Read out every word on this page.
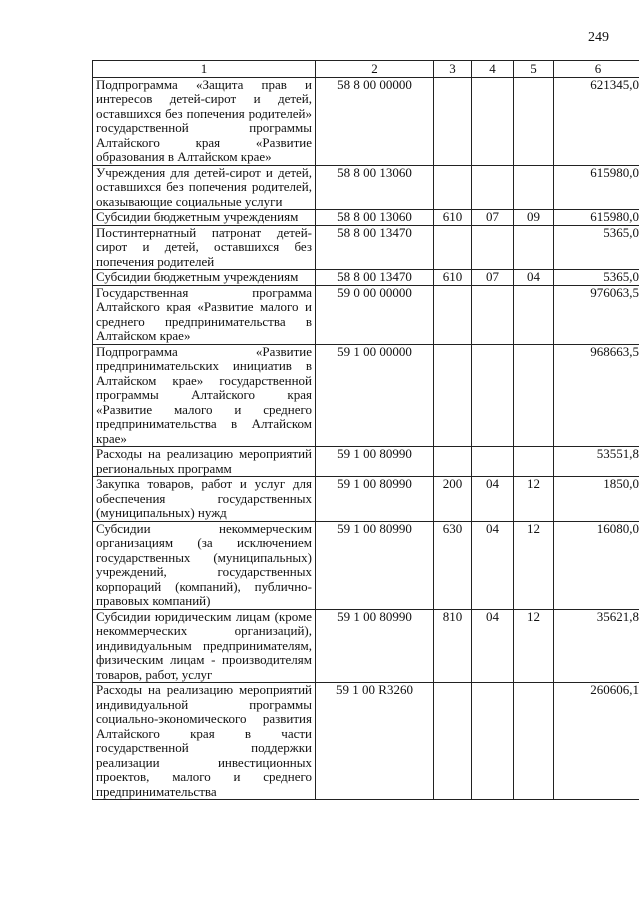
249
1	2	3	4	5	6
Подпрограмма «Защита прав и интересов детей-сирот и детей, оставшихся без попечения родителей» государственной программы Алтайского края «Развитие образования в Алтайском крае»	58 8 00 00000				621345,0
Учреждения для детей-сирот и детей, оставшихся без попечения родителей, оказывающие социальные услуги	58 8 00 13060				615980,0
Субсидии бюджетным учреждениям	58 8 00 13060	610	07	09	615980,0
Постинтернатный патронат детей-сирот и детей, оставшихся без попечения родителей	58 8 00 13470				5365,0
Субсидии бюджетным учреждениям	58 8 00 13470	610	07	04	5365,0
Государственная программа Алтайского края «Развитие малого и среднего предпринимательства в Алтайском крае»	59 0 00 00000				976063,5
Подпрограмма «Развитие предпринимательских инициатив в Алтайском крае» государственной программы Алтайского края «Развитие малого и среднего предпринимательства в Алтайском крае»	59 1 00 00000				968663,5
Расходы на реализацию мероприятий региональных программ	59 1 00 80990				53551,8
Закупка товаров, работ и услуг для обеспечения государственных (муниципальных) нужд	59 1 00 80990	200	04	12	1850,0
Субсидии некоммерческим организациям (за исключением государственных (муниципальных) учреждений, государственных корпораций (компаний), публично-правовых компаний)	59 1 00 80990	630	04	12	16080,0
Субсидии юридическим лицам (кроме некоммерческих организаций), индивидуальным предпринимателям, физическим лицам - производителям товаров, работ, услуг	59 1 00 80990	810	04	12	35621,8
Расходы на реализацию мероприятий индивидуальной программы социально-экономического развития Алтайского края в части государственной поддержки реализации инвестиционных проектов, малого и среднего предпринимательства	59 1 00 R3260				260606,1
